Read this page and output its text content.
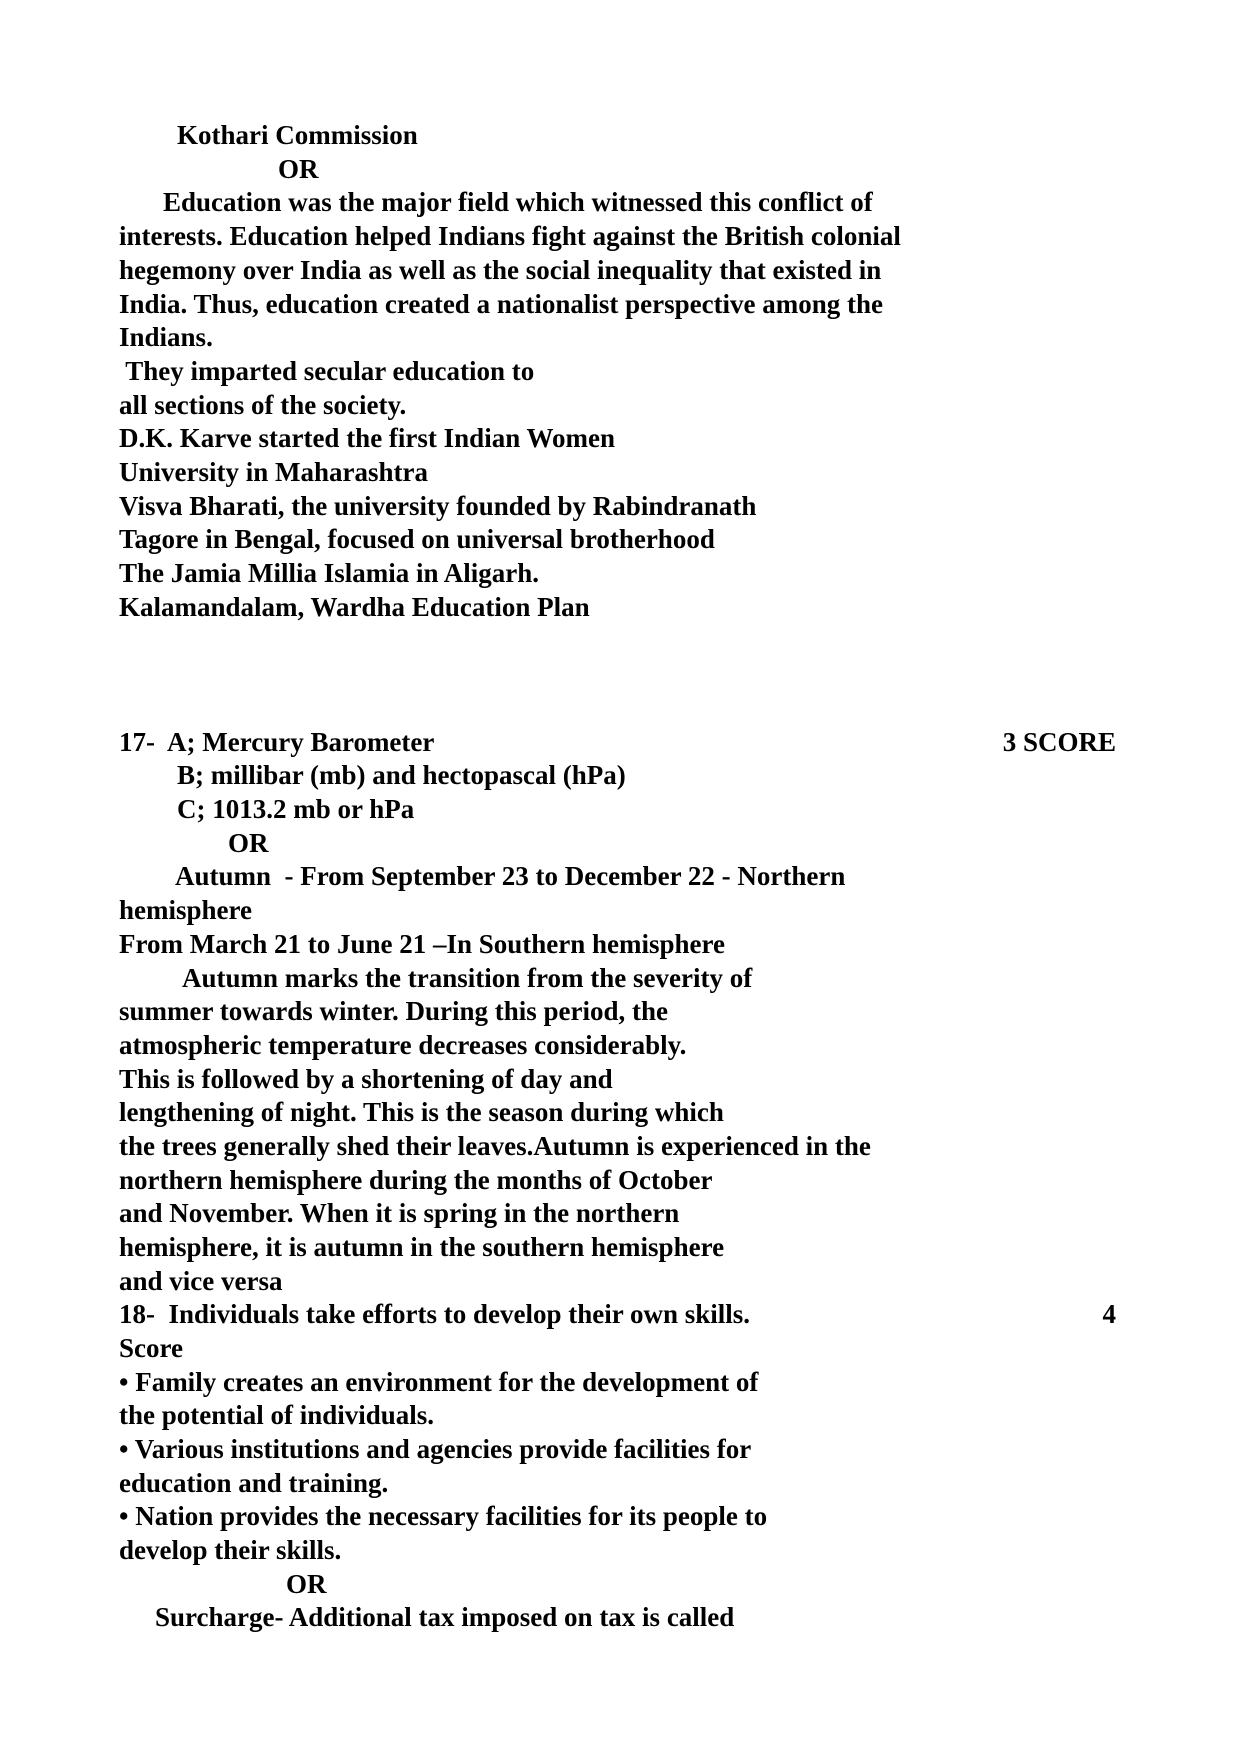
Kothari Commission
OR
Education was the major field which witnessed this conflict of
interests. Education helped Indians fight against the British colonial
hegemony over India as well as the social inequality that existed in
India. Thus, education created a nationalist perspective among the
Indians.
They imparted secular education to
all sections of the society.
D.K. Karve started the first Indian Women
University in Maharashtra
Visva Bharati, the university founded by Rabindranath
Tagore in Bengal, focused on universal brotherhood
The Jamia Millia Islamia in Aligarh.
Kalamandalam, Wardha Education Plan
17-  A; Mercury Barometer	3 SCORE
B; millibar (mb) and hectopascal (hPa)
C; 1013.2 mb or hPa
OR
Autumn  - From September 23 to December 22 - Northern
hemisphere
From March 21 to June 21 –In Southern hemisphere
Autumn marks the transition from the severity of
summer towards winter. During this period, the
atmospheric temperature decreases considerably.
This is followed by a shortening of day and
lengthening of night. This is the season during which
the trees generally shed their leaves.Autumn is experienced in the
northern hemisphere during the months of October
and November. When it is spring in the northern
hemisphere, it is autumn in the southern hemisphere
and vice versa
18-  Individuals take efforts to develop their own skills.	4
Score
• Family creates an environment for the development of
the potential of individuals.
• Various institutions and agencies provide facilities for
education and training.
• Nation provides the necessary facilities for its people to
develop their skills.
OR
Surcharge- Additional tax imposed on tax is called
